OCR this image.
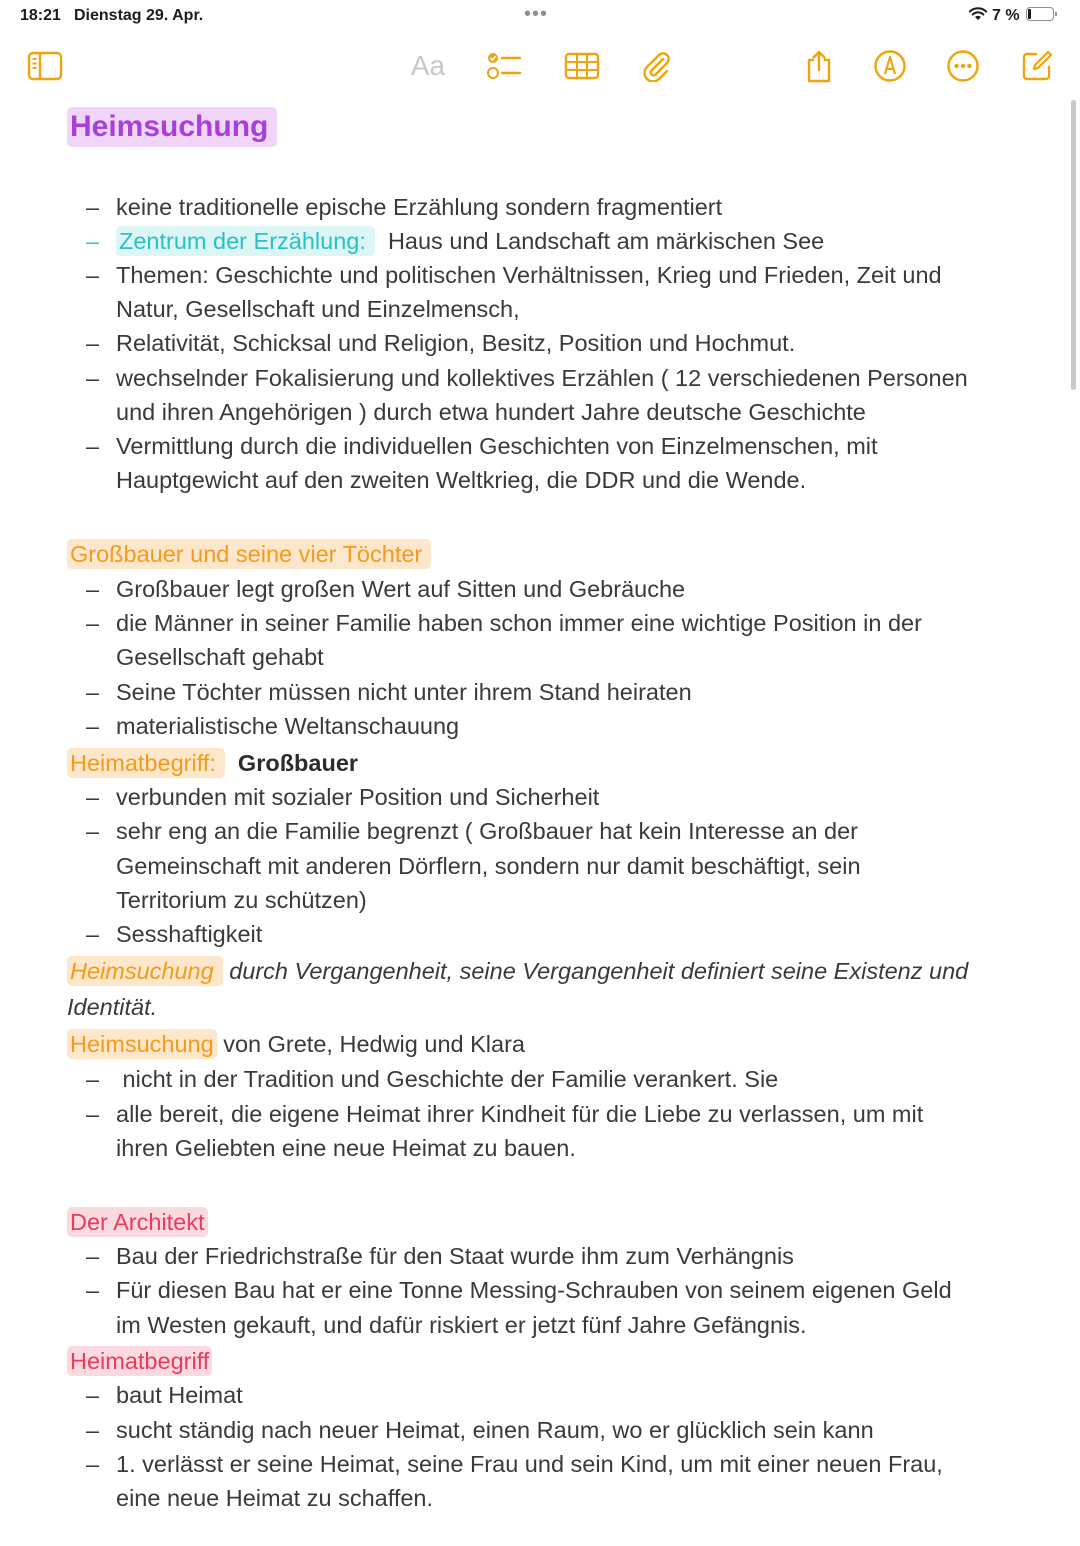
18:21 Dienstag 29. Apr.	•••	7 %
Aa
Heimsuchung
– keine traditionelle epische Erzählung sondern fragmentiert
– Zentrum der Erzählung: Haus und Landschaft am märkischen See
– Themen: Geschichte und politischen Verhältnissen, Krieg und Frieden, Zeit und
Natur, Gesellschaft und Einzelmensch,
– Relativität, Schicksal und Religion, Besitz, Position und Hochmut.
– wechselnder Fokalisierung und kollektives Erzählen ( 12 verschiedenen Personen
und ihren Angehörigen ) durch etwa hundert Jahre deutsche Geschichte
– Vermittlung durch die individuellen Geschichten von Einzelmenschen, mit
Hauptgewicht auf den zweiten Weltkrieg, die DDR und die Wende.
Großbauer und seine vier Töchter
– Großbauer legt großen Wert auf Sitten und Gebräuche
– die Männer in seiner Familie haben schon immer eine wichtige Position in der
Gesellschaft gehabt
– Seine Töchter müssen nicht unter ihrem Stand heiraten
– materialistische Weltanschauung
Heimatbegriff: Großbauer
– verbunden mit sozialer Position und Sicherheit
– sehr eng an die Familie begrenzt ( Großbauer hat kein Interesse an der
Gemeinschaft mit anderen Dörflern, sondern nur damit beschäftigt, sein
Territorium zu schützen)
– Sesshaftigkeit
Heimsuchung durch Vergangenheit, seine Vergangenheit definiert seine Existenz und
Identität.
Heimsuchung von Grete, Hedwig und Klara
– nicht in der Tradition und Geschichte der Familie verankert. Sie
– alle bereit, die eigene Heimat ihrer Kindheit für die Liebe zu verlassen, um mit
ihren Geliebten eine neue Heimat zu bauen.
Der Architekt
– Bau der Friedrichstraße für den Staat wurde ihm zum Verhängnis
– Für diesen Bau hat er eine Tonne Messing-Schrauben von seinem eigenen Geld
im Westen gekauft, und dafür riskiert er jetzt fünf Jahre Gefängnis.
Heimatbegriff
– baut Heimat
– sucht ständig nach neuer Heimat, einen Raum, wo er glücklich sein kann
– 1. verlässt er seine Heimat, seine Frau und sein Kind, um mit einer neuen Frau,
eine neue Heimat zu schaffen.
